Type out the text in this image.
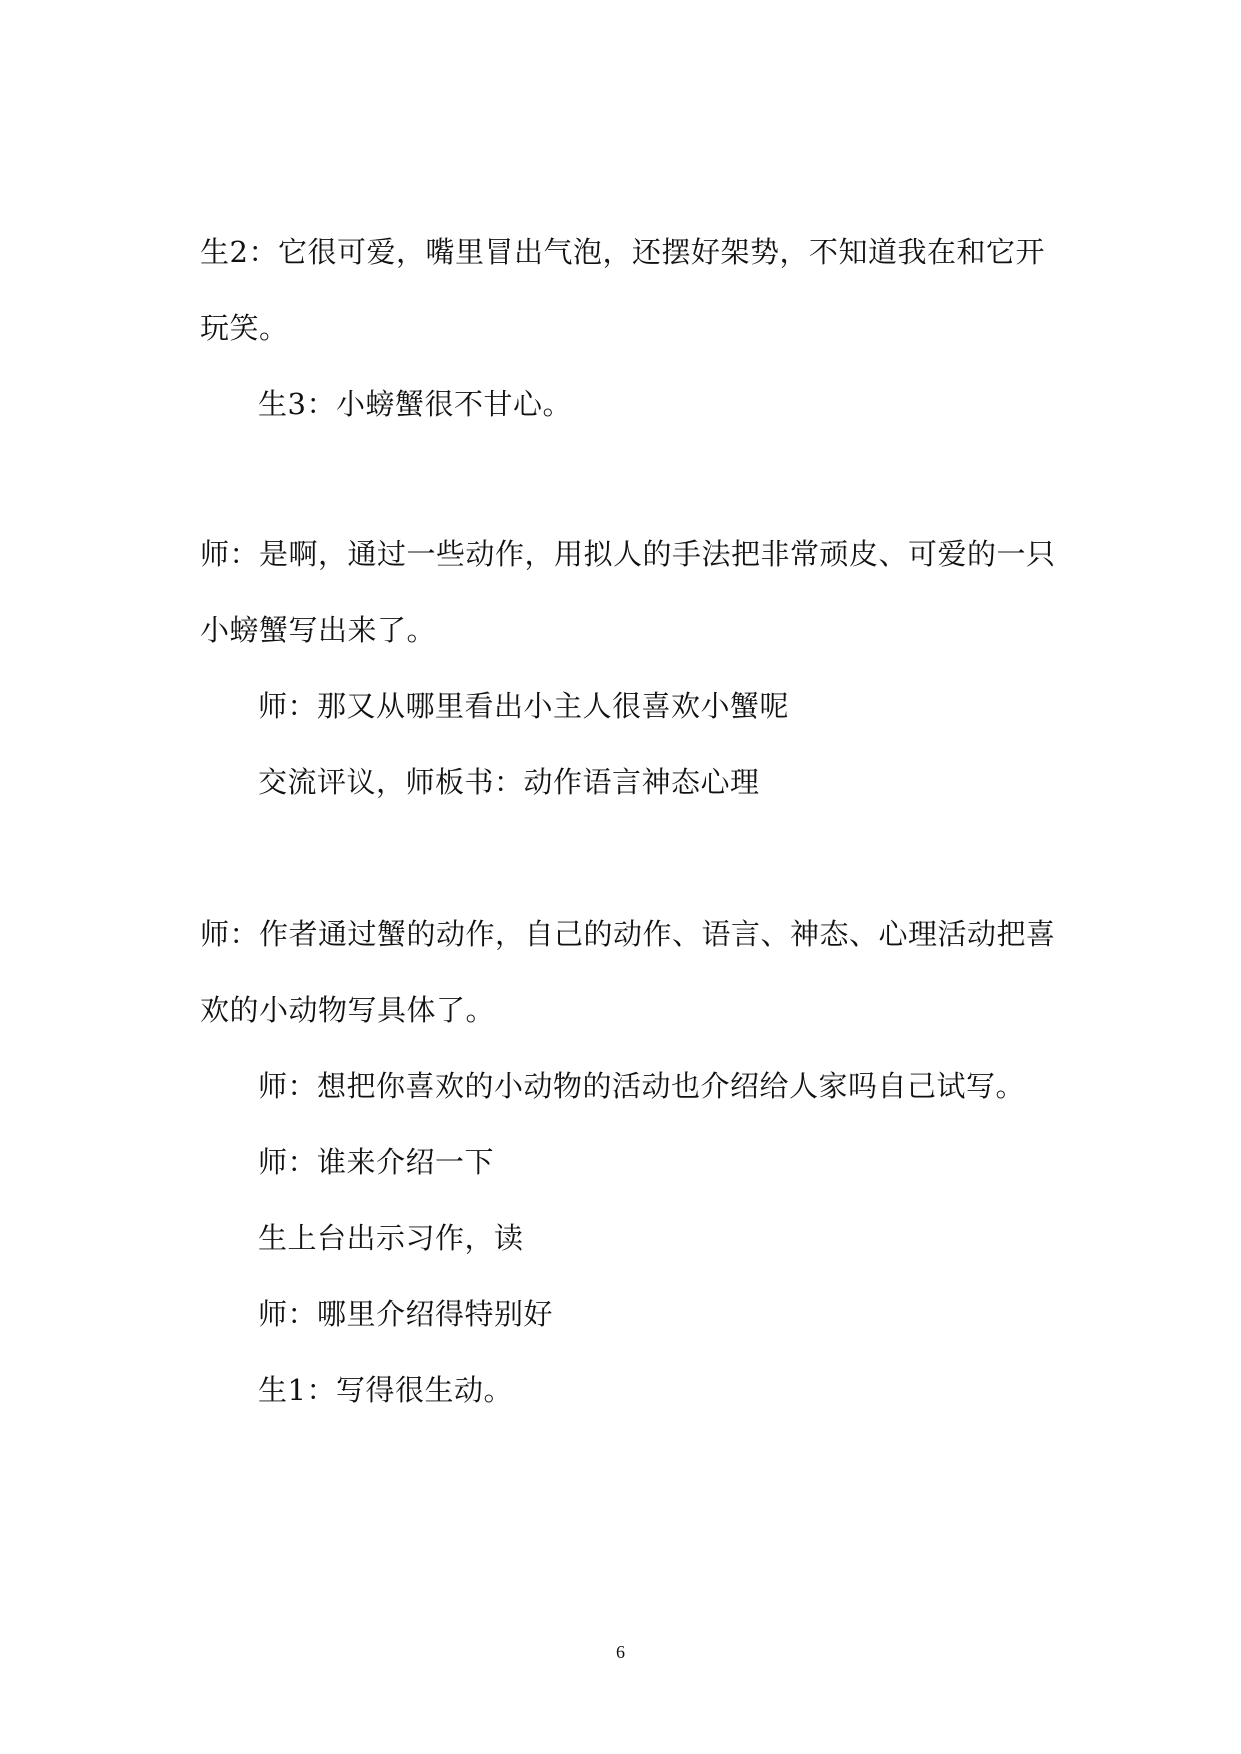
生2：它很可爱，嘴里冒出气泡，还摆好架势，不知道我在和它开
玩笑。
生3：小螃蟹很不甘心。
师：是啊，通过一些动作，用拟人的手法把非常顽皮、可爱的一只
小螃蟹写出来了。
师：那又从哪里看出小主人很喜欢小蟹呢
交流评议，师板书：动作语言神态心理
师：作者通过蟹的动作，自己的动作、语言、神态、心理活动把喜
欢的小动物写具体了。
师：想把你喜欢的小动物的活动也介绍给人家吗自己试写。
师：谁来介绍一下
生上台出示习作，读
师：哪里介绍得特别好
生1：写得很生动。
6
